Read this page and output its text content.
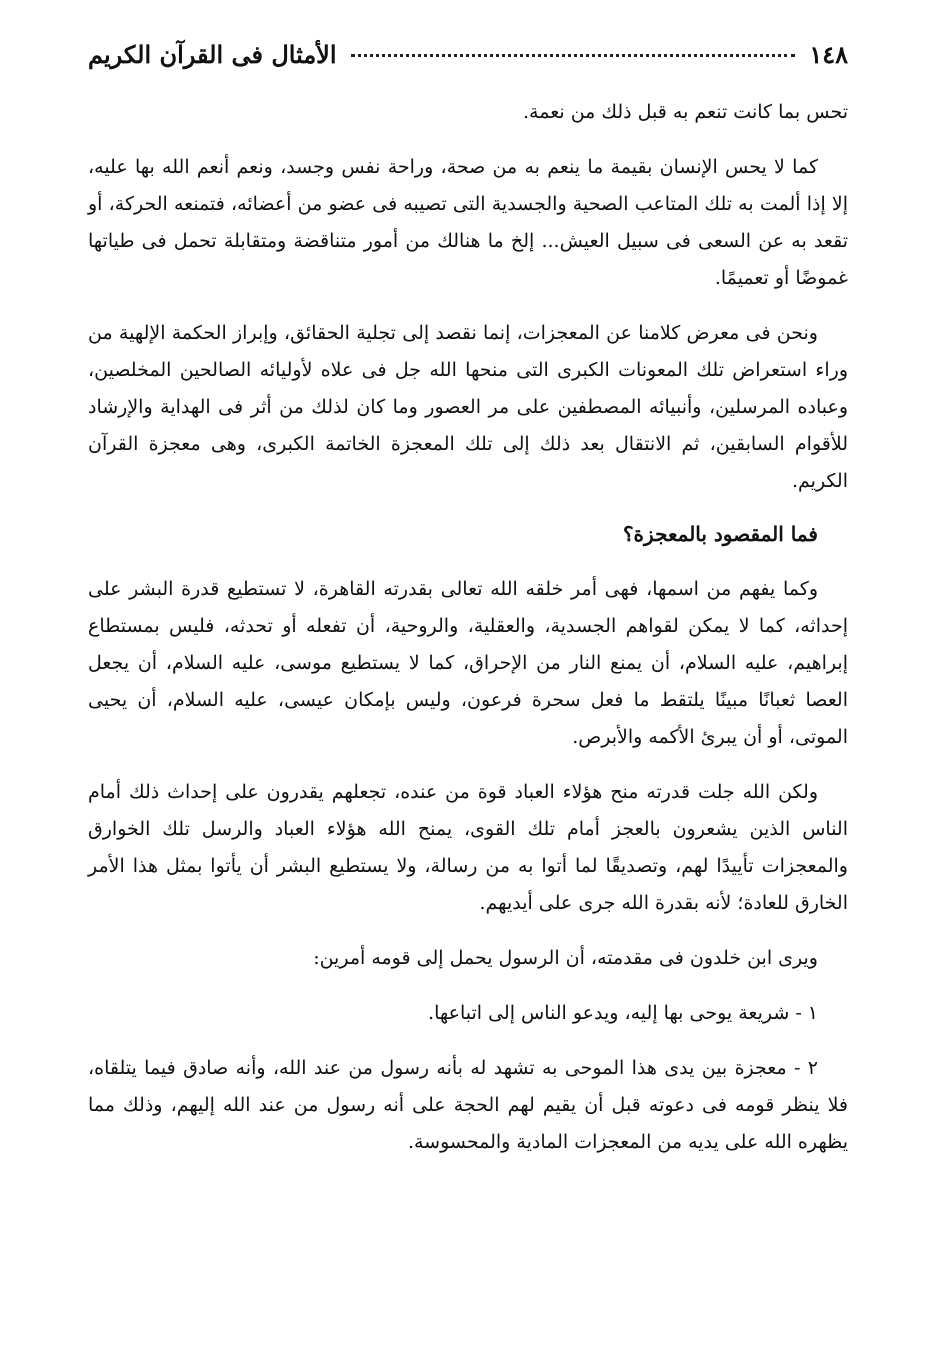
١٤٨
الأمثال فى القرآن الكريم

تحس بما كانت تنعم به قبل ذلك من نعمة.

كما لا يحس الإنسان بقيمة ما ينعم به من صحة، وراحة نفس وجسد، ونعم أنعم الله بها عليه، إلا إذا ألمت به تلك المتاعب الصحية والجسدية التى تصيبه فى عضو من أعضائه، فتمنعه الحركة، أو تقعد به عن السعى فى سبيل العيش... إلخ ما هنالك من أمور متناقضة ومتقابلة تحمل فى طياتها غموضًا أو تعميمًا.

ونحن فى معرض كلامنا عن المعجزات، إنما نقصد إلى تجلية الحقائق، وإبراز الحكمة الإلهية من وراء استعراض تلك المعونات الكبرى التى منحها الله جل فى علاه لأوليائه الصالحين المخلصين، وعباده المرسلين، وأنبيائه المصطفين على مر العصور وما كان لذلك من أثر فى الهداية والإرشاد للأقوام السابقين، ثم الانتقال بعد ذلك إلى تلك المعجزة الخاتمة الكبرى، وهى معجزة القرآن الكريم.

فما المقصود بالمعجزة؟

وكما يفهم من اسمها، فهى أمر خلقه الله تعالى بقدرته القاهرة، لا تستطيع قدرة البشر على إحداثه، كما لا يمكن لقواهم الجسدية، والعقلية، والروحية، أن تفعله أو تحدثه، فليس بمستطاع إبراهيم، عليه السلام، أن يمنع النار من الإحراق، كما لا يستطيع موسى، عليه السلام، أن يجعل العصا ثعبانًا مبينًا يلتقط ما فعل سحرة فرعون، وليس بإمكان عيسى، عليه السلام، أن يحيى الموتى، أو أن يبرئ الأكمه والأبرص.

ولكن الله جلت قدرته منح هؤلاء العباد قوة من عنده، تجعلهم يقدرون على إحداث ذلك أمام الناس الذين يشعرون بالعجز أمام تلك القوى، يمنح الله هؤلاء العباد والرسل تلك الخوارق والمعجزات تأييدًا لهم، وتصديقًا لما أتوا به من رسالة، ولا يستطيع البشر أن يأتوا بمثل هذا الأمر الخارق للعادة؛ لأنه بقدرة الله جرى على أيديهم.

ويرى ابن خلدون فى مقدمته، أن الرسول يحمل إلى قومه أمرين:

١ - شريعة يوحى بها إليه، ويدعو الناس إلى اتباعها.

٢ - معجزة بين يدى هذا الموحى به تشهد له بأنه رسول من عند الله، وأنه صادق فيما يتلقاه، فلا ينظر قومه فى دعوته قبل أن يقيم لهم الحجة على أنه رسول من عند الله إليهم، وذلك مما يظهره الله على يديه من المعجزات المادية والمحسوسة.
